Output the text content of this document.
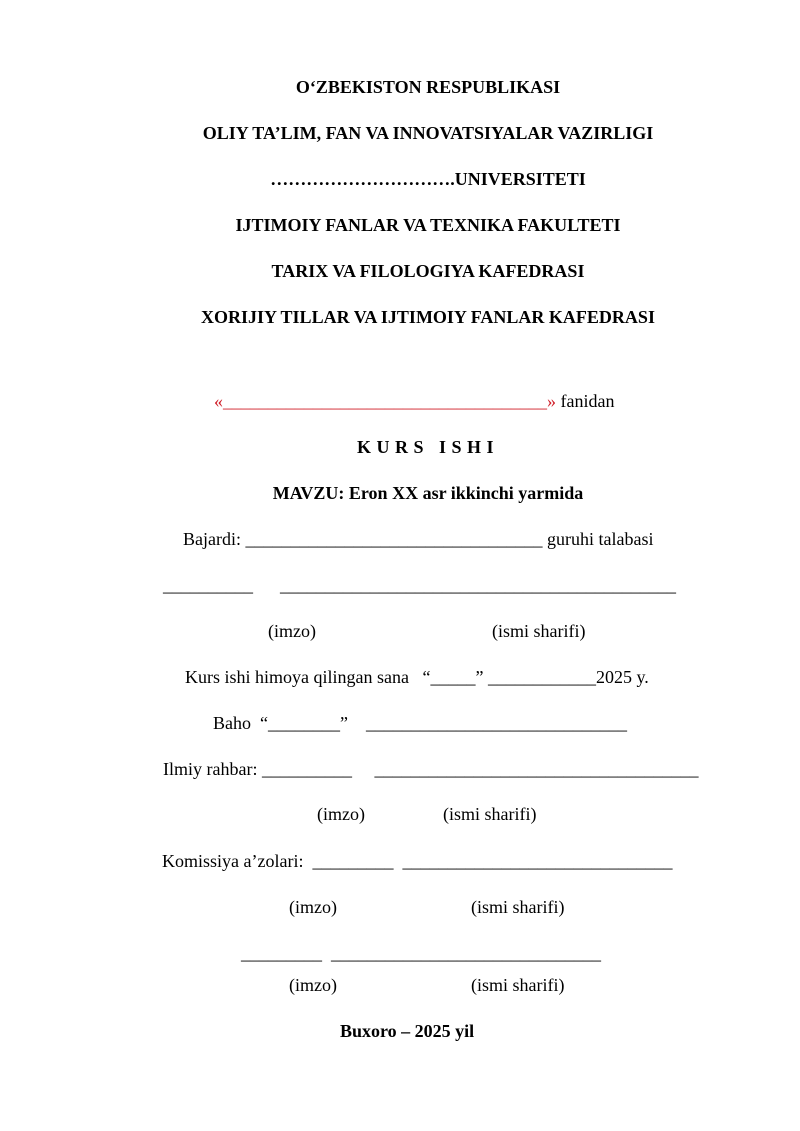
O‘ZBEKISTON RESPUBLIKASI
OLIY TA’LIM, FAN VA INNOVATSIYALAR VAZIRLIGI
………………………….UNIVERSITETI
IJTIMOIY FANLAR VA TEXNIKA FAKULTETI
TARIX VA FILOLOGIYA KAFEDRASI
XORIJIY TILLAR VA IJTIMOIY FANLAR KAFEDRASI
«____________________________________» fanidan
KURS ISHI
MAVZU: Eron XX asr ikkinchi yarmida
Bajardi: _________________________________ guruhi talabasi
__________ ____________________________________________
(imzo)	(ismi sharifi)
Kurs ishi himoya qilingan sana   “_____” ____________2025 y.
Baho  “________”    _____________________________
Ilmiy rahbar: __________     ____________________________________
(imzo)	(ismi sharifi)
Komissiya a’zolari:  _________  ______________________________
(imzo)	(ismi sharifi)
_________  ______________________________
(imzo)	(ismi sharifi)
Buxoro – 2025 yil
